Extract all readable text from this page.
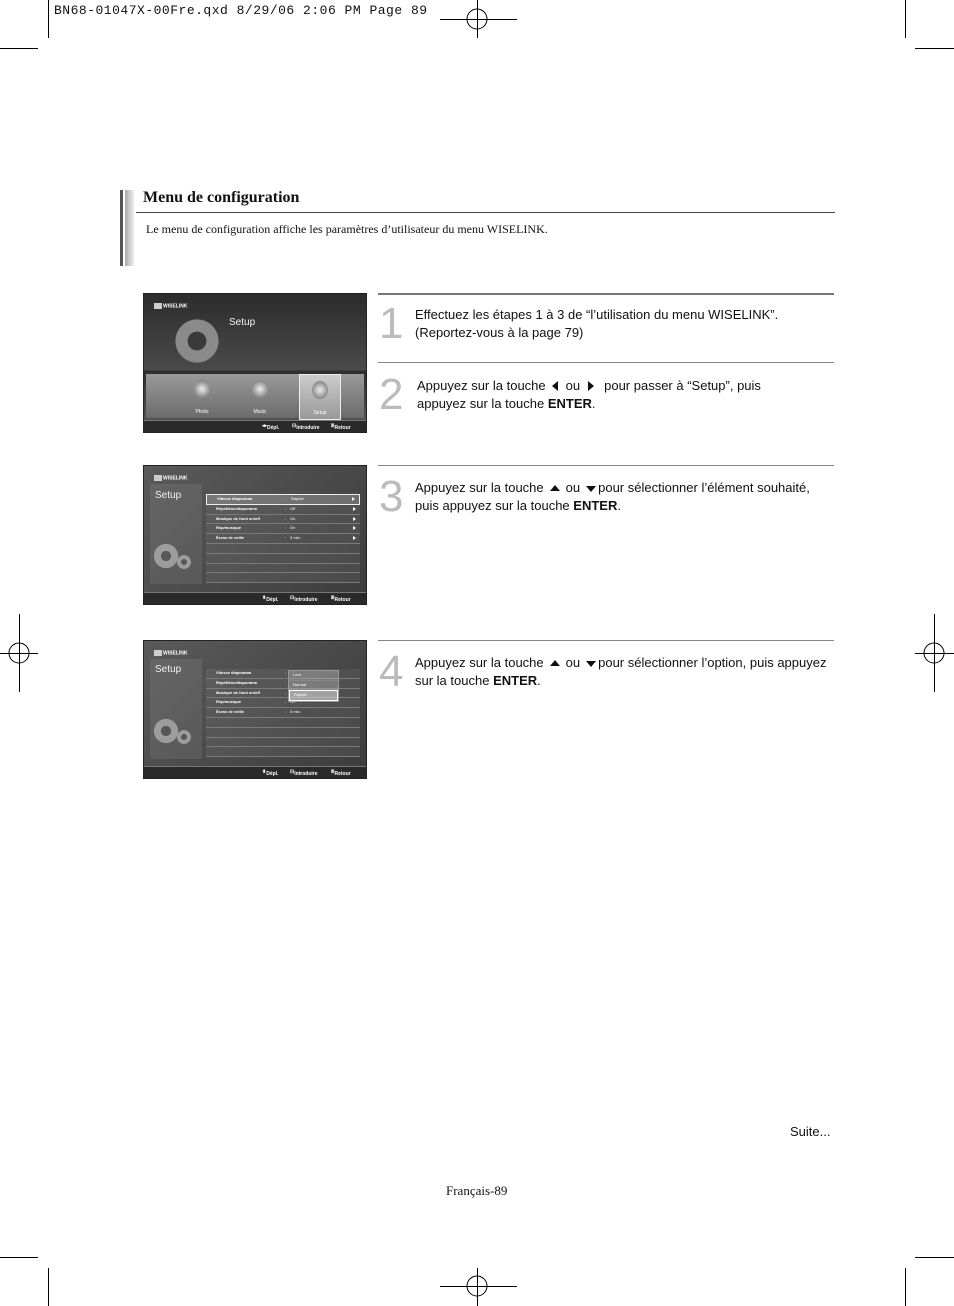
BN68-01047X-00Fre.qxd 8/29/06 2:06 PM Page 89
Menu de configuration
Le menu de configuration affiche les paramètres d’utilisateur du menu WISELINK.
1 Effectuez les étapes 1 à 3 de “l’utilisation du menu WISELINK”.
(Reportez-vous à la page 79)
2 Appuyez sur la touche ou pour passer à “Setup”, puis
appuyez sur la touche ENTER.
3 Appuyez sur la touche ou pour sélectionner l’élément souhaité,
puis appuyez sur la touche ENTER.
4 Appuyez sur la touche ou pour sélectionner l’option, puis appuyez
sur la touche ENTER.
WISELINK
Setup
Photo	Music	Setup
◂▸ Dépl.	⊡ Introduire Ⅲ Retour
WISELINK
Setup	Vitesse diaporama	: Rapide
Répétition/diaporama	: Off
Musique de fond on/off	: On
Rep/musique	: On
Écran de veille	: 3 min.
⬍ Dépl. ⊡ Introduire	Ⅲ Retour
WISELINK
Setup	Vitesse diaporama	:
Répétition/diaporama	:
Musique de fond on/off	:
Rep/musique	: On
Écran de veille	: 3 min.
Lent
Normal
Rapide
⬍ Dépl. ⊡ Introduire	Ⅲ Retour
Suite...
Français-89
